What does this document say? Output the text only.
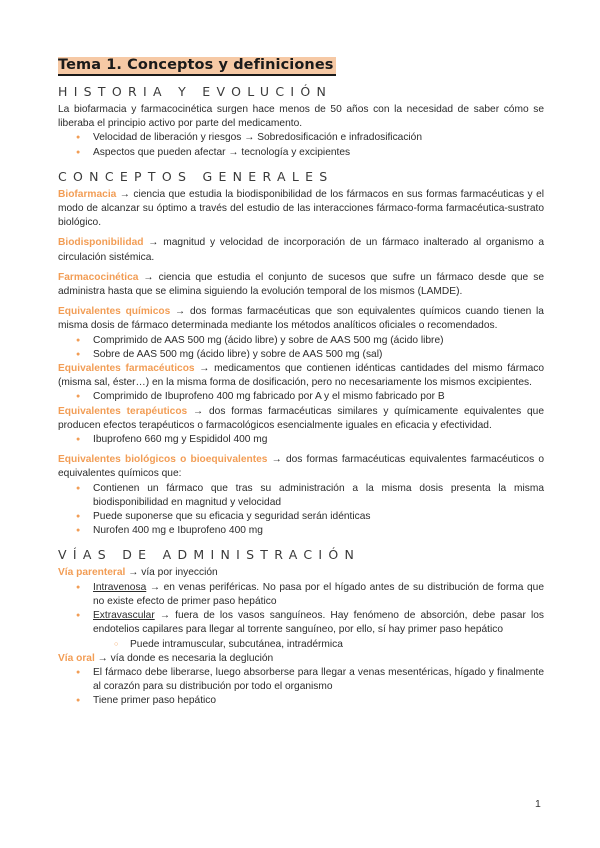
Tema 1. Conceptos y definiciones
HISTORIA Y EVOLUCIÓN

La biofarmacia y farmacocinética surgen hace menos de 50 años con la necesidad de saber cómo se liberaba el principio activo por parte del medicamento.

● Velocidad de liberación y riesgos → Sobredosificación e infradosificación
● Aspectos que pueden afectar → tecnología y excipientes
CONCEPTOS GENERALES

Biofarmacia → ciencia que estudia la biodisponibilidad de los fármacos en sus formas farmacéuticas y el modo de alcanzar su óptimo a través del estudio de las interacciones fármaco-forma farmacéutica-sustrato biológico.

Biodisponibilidad → magnitud y velocidad de incorporación de un fármaco inalterado al organismo a circulación sistémica.

Farmacocinética → ciencia que estudia el conjunto de sucesos que sufre un fármaco desde que se administra hasta que se elimina siguiendo la evolución temporal de los mismos (LAMDE).

Equivalentes químicos → dos formas farmacéuticas que son equivalentes químicos cuando tienen la misma dosis de fármaco determinada mediante los métodos analíticos oficiales o recomendados.

● Comprimido de AAS 500 mg (ácido libre) y sobre de AAS 500 mg (ácido libre)
● Sobre de AAS 500 mg (ácido libre) y sobre de AAS 500 mg (sal)

Equivalentes farmacéuticos → medicamentos que contienen idénticas cantidades del mismo fármaco (misma sal, éster…) en la misma forma de dosificación, pero no necesariamente los mismos excipientes.

● Comprimido de Ibuprofeno 400 mg fabricado por A y el mismo fabricado por B

Equivalentes terapéuticos → dos formas farmacéuticas similares y químicamente equivalentes que producen efectos terapéuticos o farmacológicos esencialmente iguales en eficacia y efectividad.

● Ibuprofeno 660 mg y Espididol 400 mg

Equivalentes biológicos o bioequivalentes → dos formas farmacéuticas equivalentes farmacéuticos o equivalentes químicos que:

● Contienen un fármaco que tras su administración a la misma dosis presenta la misma biodisponibilidad en magnitud y velocidad
● Puede suponerse que su eficacia y seguridad serán idénticas
● Nurofen 400 mg e Ibuprofeno 400 mg
VÍAS DE ADMINISTRACIÓN

Vía parenteral → vía por inyección

● Intravenosa → en venas periféricas. No pasa por el hígado antes de su distribución de forma que no existe efecto de primer paso hepático
● Extravascular → fuera de los vasos sanguíneos. Hay fenómeno de absorción, debe pasar los endotelios capilares para llegar al torrente sanguíneo, por ello, sí hay primer paso hepático
○ Puede intramuscular, subcutánea, intradérmica

Vía oral → vía donde es necesaria la deglución

● El fármaco debe liberarse, luego absorberse para llegar a venas mesentéricas, hígado y finalmente al corazón para su distribución por todo el organismo
● Tiene primer paso hepático
1
